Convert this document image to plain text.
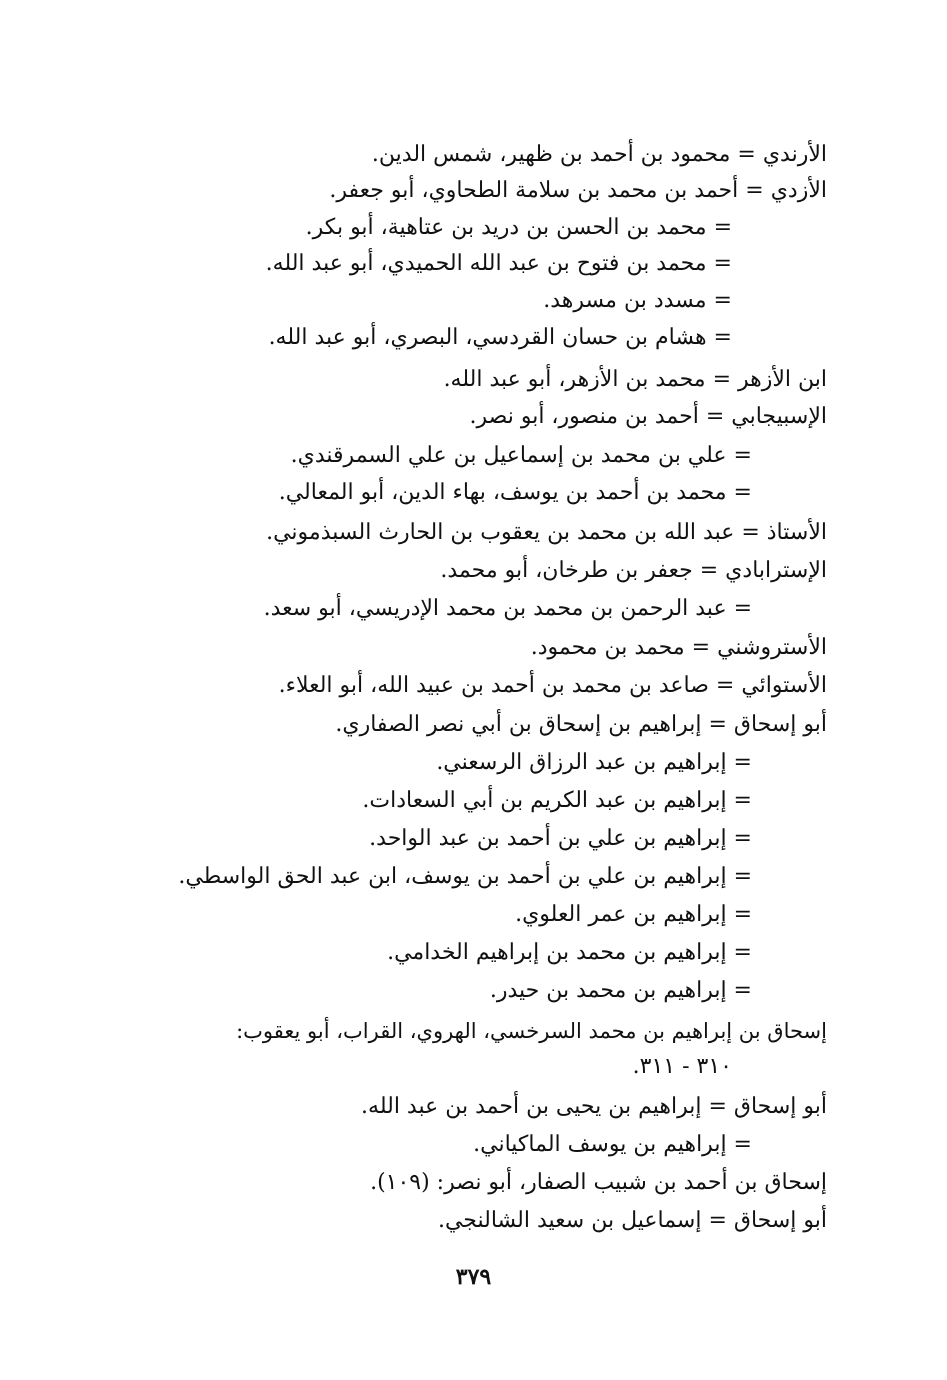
الأرندي = محمود بن أحمد بن ظهير، شمس الدين.
الأزدي = أحمد بن محمد بن سلامة الطحاوي، أبو جعفر.
= محمد بن الحسن بن دريد بن عتاهية، أبو بكر.
= محمد بن فتوح بن عبد الله الحميدي، أبو عبد الله.
= مسدد بن مسرهد.
= هشام بن حسان القردسي، البصري، أبو عبد الله.
ابن الأزهر = محمد بن الأزهر، أبو عبد الله.
الإسبيجابي = أحمد بن منصور، أبو نصر.
= علي بن محمد بن إسماعيل بن علي السمرقندي.
= محمد بن أحمد بن يوسف، بهاء الدين، أبو المعالي.
الأستاذ = عبد الله بن محمد بن يعقوب بن الحارث السبذموني.
الإسترابادي = جعفر بن طرخان، أبو محمد.
= عبد الرحمن بن محمد بن محمد الإدريسي، أبو سعد.
الأستروشني = محمد بن محمود.
الأستوائي = صاعد بن محمد بن أحمد بن عبيد الله، أبو العلاء.
أبو إسحاق = إبراهيم بن إسحاق بن أبي نصر الصفاري.
= إبراهيم بن عبد الرزاق الرسعني.
= إبراهيم بن عبد الكريم بن أبي السعادات.
= إبراهيم بن علي بن أحمد بن عبد الواحد.
= إبراهيم بن علي بن أحمد بن يوسف، ابن عبد الحق الواسطي.
= إبراهيم بن عمر العلوي.
= إبراهيم بن محمد بن إبراهيم الخدامي.
= إبراهيم بن محمد بن حيدر.
إسحاق بن إبراهيم بن محمد السرخسي، الهروي، القراب، أبو يعقوب:
٣١٠ - ٣١١.
أبو إسحاق = إبراهيم بن يحيى بن أحمد بن عبد الله.
= إبراهيم بن يوسف الماكياني.
إسحاق بن أحمد بن شبيب الصفار، أبو نصر: (١٠٩).
أبو إسحاق = إسماعيل بن سعيد الشالنجي.
٣٧٩
